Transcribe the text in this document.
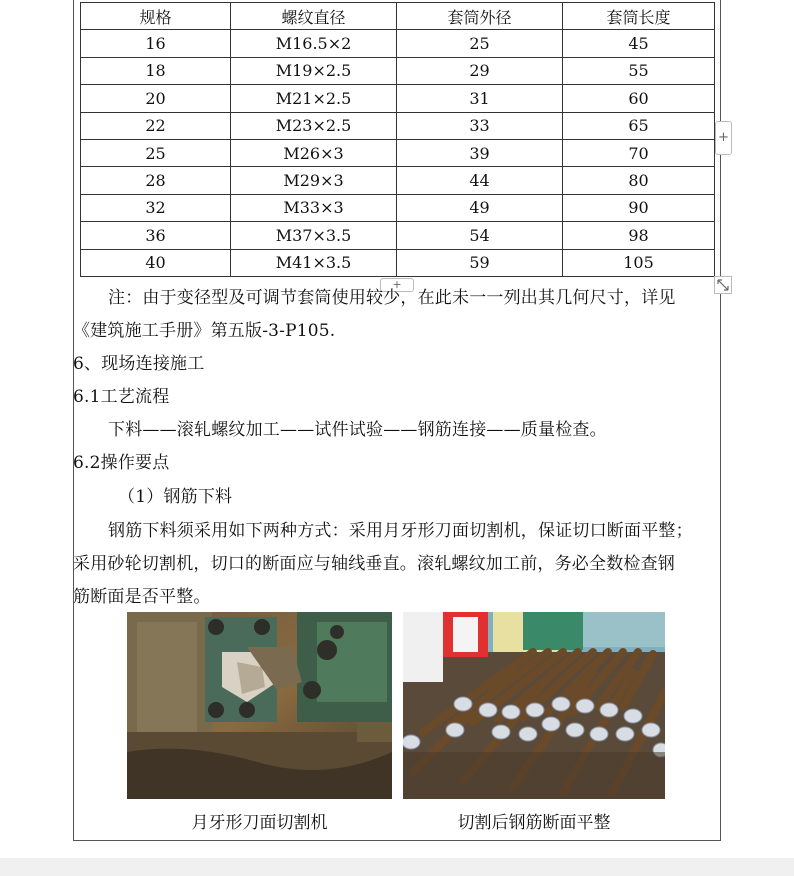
规格	螺纹直径	套筒外径	套筒长度
16	M16.5×2	25	45
18	M19×2.5	29	55
20	M21×2.5	31	60
22	M23×2.5	33	65
25	M26×3	39	70
28	M29×3	44	80
32	M33×3	49	90
36	M37×3.5	54	98
40	M41×3.5	59	105
+
+
注：由于变径型及可调节套筒使用较少，在此未一一列出其几何尺寸，详见
《建筑施工手册》第五版-3-P105.
6、现场连接施工
6.1工艺流程
下料——滚轧螺纹加工——试件试验——钢筋连接——质量检查。
6.2操作要点
（1）钢筋下料
钢筋下料须采用如下两种方式：采用月牙形刀面切割机，保证切口断面平整；
采用砂轮切割机，切口的断面应与轴线垂直。滚轧螺纹加工前，务必全数检查钢
筋断面是否平整。
月牙形刀面切割机	切割后钢筋断面平整
